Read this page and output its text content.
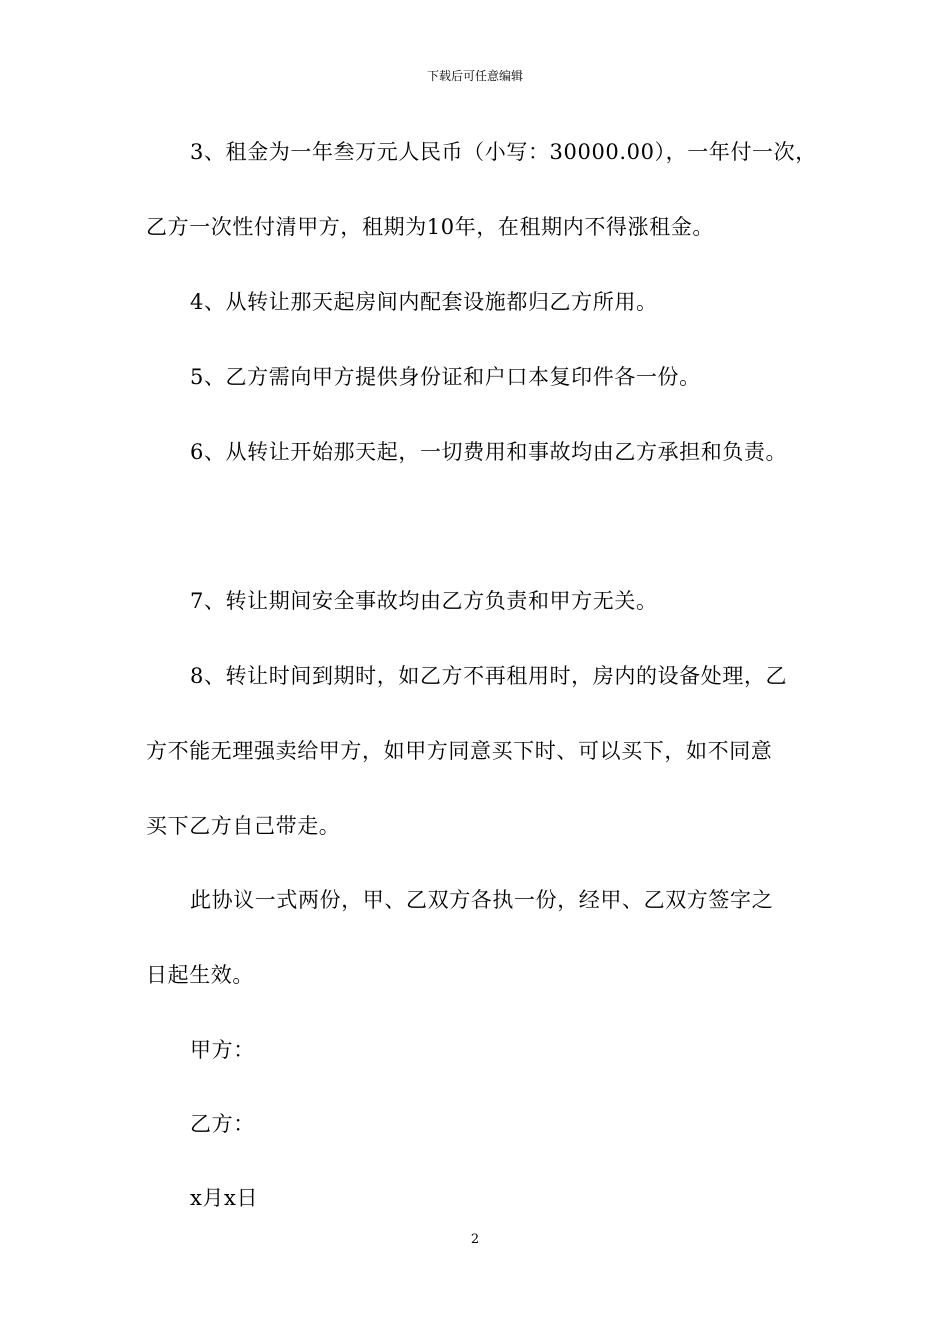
下载后可任意编辑
3、租金为一年叁万元人民币（小写：30000.00），一年付一次，
乙方一次性付清甲方，租期为10年，在租期内不得涨租金。
4、从转让那天起房间内配套设施都归乙方所用。
5、乙方需向甲方提供身份证和户口本复印件各一份。
6、从转让开始那天起，一切费用和事故均由乙方承担和负责。
7、转让期间安全事故均由乙方负责和甲方无关。
8、转让时间到期时，如乙方不再租用时，房内的设备处理，乙
方不能无理强卖给甲方，如甲方同意买下时、可以买下，如不同意
买下乙方自己带走。
此协议一式两份，甲、乙双方各执一份，经甲、乙双方签字之
日起生效。
甲方：
乙方：
x月x日
2
